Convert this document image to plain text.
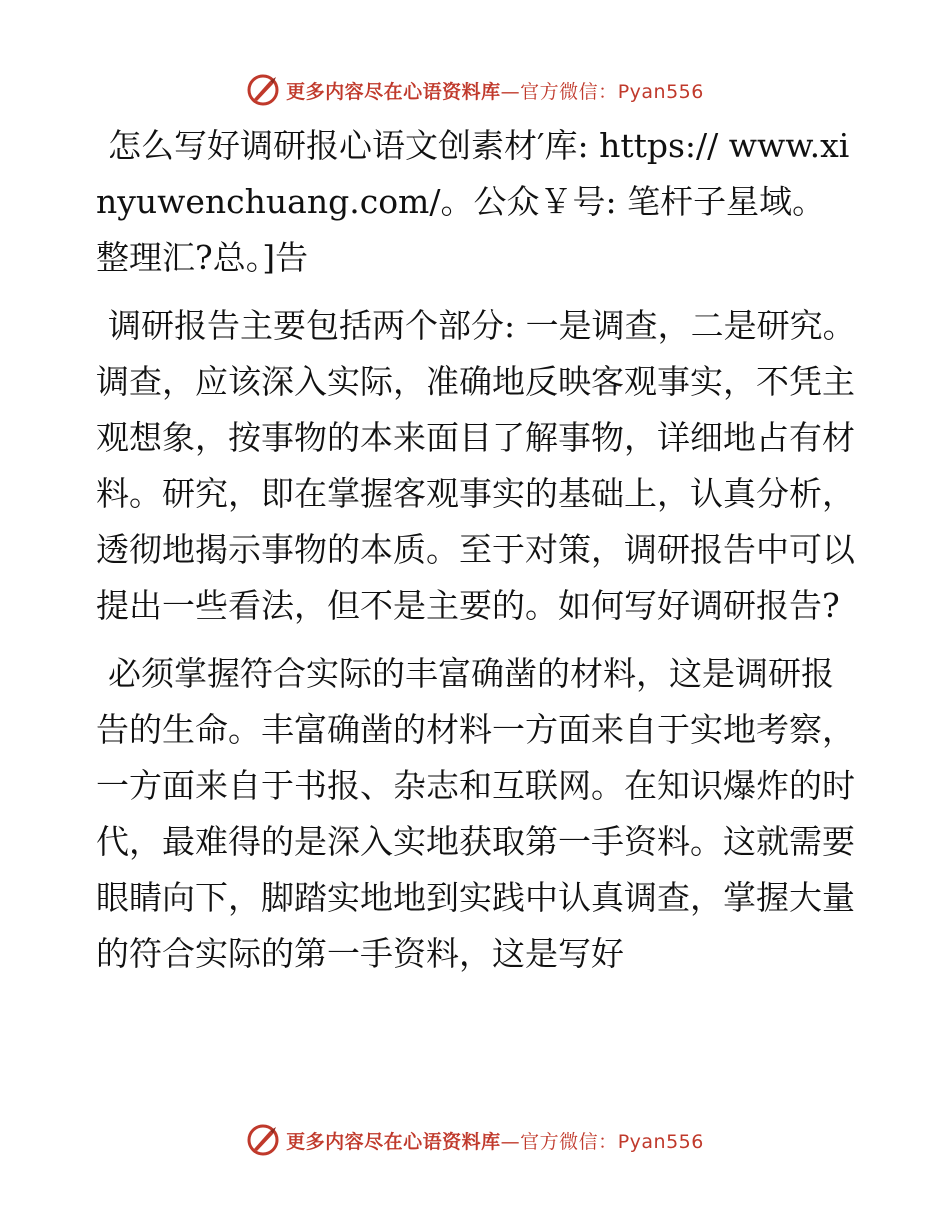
更多内容尽在心语资料库—官方微信：Pyan556

怎么写好调研报心语文创素材′库: https:// www.xinyuwenchuang.com/。公众￥号: 笔杆子星域。整理汇?总。]告

调研报告主要包括两个部分: 一是调查，二是研究。调查，应该深入实际，准确地反映客观事实，不凭主观想象，按事物的本来面目了解事物，详细地占有材料。研究，即在掌握客观事实的基础上，认真分析，透彻地揭示事物的本质。至于对策，调研报告中可以提出一些看法，但不是主要的。如何写好调研报告?

必须掌握符合实际的丰富确凿的材料，这是调研报告的生命。丰富确凿的材料一方面来自于实地考察，一方面来自于书报、杂志和互联网。在知识爆炸的时代，最难得的是深入实地获取第一手资料。这就需要眼睛向下，脚踏实地地到实践中认真调查，掌握大量的符合实际的第一手资料，这是写好

更多内容尽在心语资料库—官方微信：Pyan556
